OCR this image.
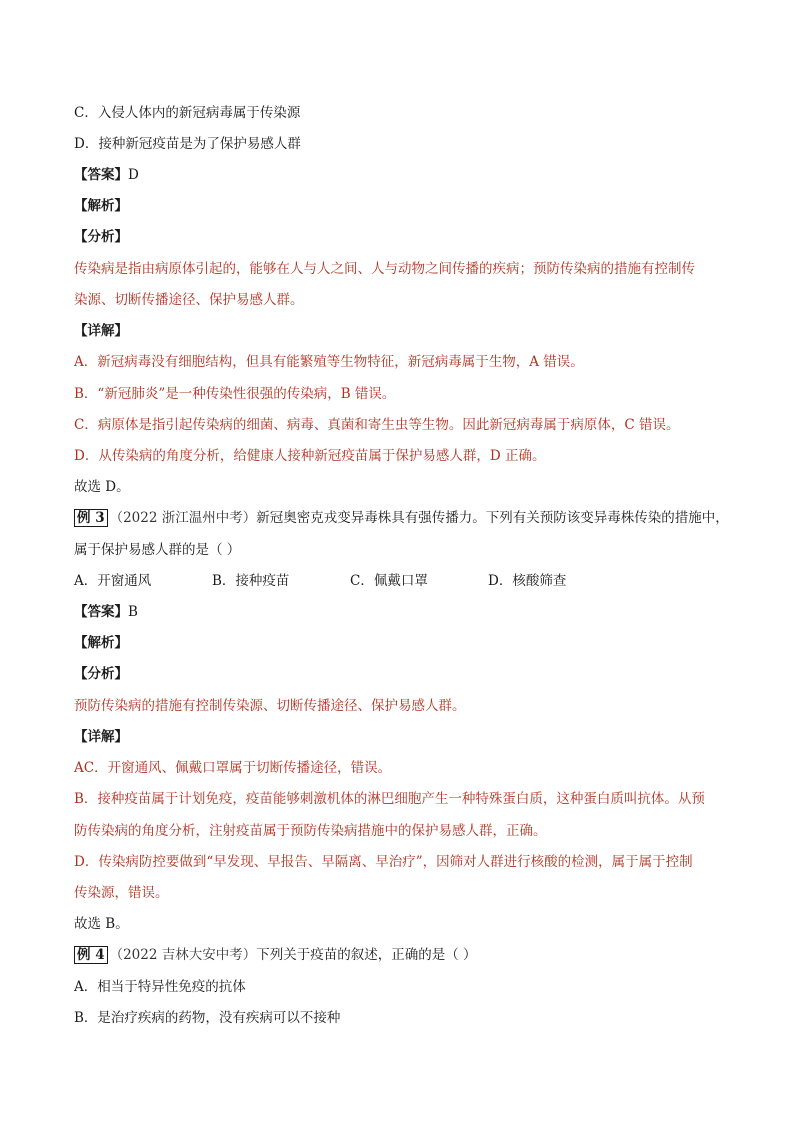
C．入侵人体内的新冠病毒属于传染源
D．接种新冠疫苗是为了保护易感人群
【答案】D
【解析】
【分析】
传染病是指由病原体引起的，能够在人与人之间、人与动物之间传播的疾病；预防传染病的措施有控制传
染源、切断传播途径、保护易感人群。
【详解】
A．新冠病毒没有细胞结构，但具有能繁殖等生物特征，新冠病毒属于生物，A 错误。
B．“新冠肺炎”是一种传染性很强的传染病，B 错误。
C．病原体是指引起传染病的细菌、病毒、真菌和寄生虫等生物。因此新冠病毒属于病原体，C 错误。
D．从传染病的角度分析，给健康人接种新冠疫苗属于保护易感人群，D 正确。
故选 D。
例 3 （2022 浙江温州中考）新冠奥密克戎变异毒株具有强传播力。下列有关预防该变异毒株传染的措施中，
属于保护易感人群的是（ ）
A．开窗通风	B．接种疫苗	C．佩戴口罩	D．核酸筛查
【答案】B
【解析】
【分析】
预防传染病的措施有控制传染源、切断传播途径、保护易感人群。
【详解】
AC．开窗通风、佩戴口罩属于切断传播途径，错误。
B．接种疫苗属于计划免疫，疫苗能够刺激机体的淋巴细胞产生一种特殊蛋白质，这种蛋白质叫抗体。从预
防传染病的角度分析，注射疫苗属于预防传染病措施中的保护易感人群，正确。
D．传染病防控要做到“早发现、早报告、早隔离、早治疗”，因筛对人群进行核酸的检测，属于属于控制
传染源，错误。
故选 B。
例 4 （2022 吉林大安中考）下列关于疫苗的叙述，正确的是（ ）
A．相当于特异性免疫的抗体
B．是治疗疾病的药物，没有疾病可以不接种
